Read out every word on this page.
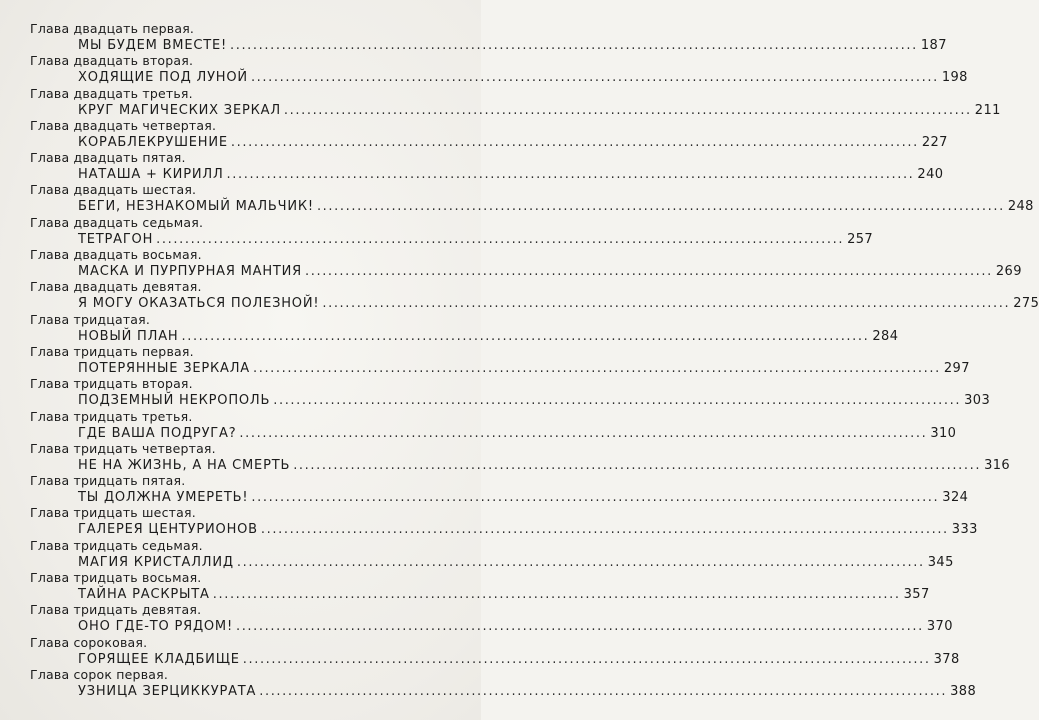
Глава двадцать первая.
МЫ БУДЕМ ВМЕСТЕ! ........................................................................................................................ 187
Глава двадцать вторая.
ХОДЯЩИЕ ПОД ЛУНОЙ ........................................................................................................................ 198
Глава двадцать третья.
КРУГ МАГИЧЕСКИХ ЗЕРКАЛ ........................................................................................................................ 211
Глава двадцать четвертая.
КОРАБЛЕКРУШЕНИЕ ........................................................................................................................ 227
Глава двадцать пятая.
НАТАША + КИРИЛЛ ........................................................................................................................ 240
Глава двадцать шестая.
БЕГИ, НЕЗНАКОМЫЙ МАЛЬЧИК! ........................................................................................................................ 248
Глава двадцать седьмая.
ТЕТРАГОН ........................................................................................................................ 257
Глава двадцать восьмая.
МАСКА И ПУРПУРНАЯ МАНТИЯ ........................................................................................................................ 269
Глава двадцать девятая.
Я МОГУ ОКАЗАТЬСЯ ПОЛЕЗНОЙ! ........................................................................................................................ 275
Глава тридцатая.
НОВЫЙ ПЛАН ........................................................................................................................ 284
Глава тридцать первая.
ПОТЕРЯННЫЕ ЗЕРКАЛА ........................................................................................................................ 297
Глава тридцать вторая.
ПОДЗЕМНЫЙ НЕКРОПОЛЬ ........................................................................................................................ 303
Глава тридцать третья.
ГДЕ ВАША ПОДРУГА? ........................................................................................................................ 310
Глава тридцать четвертая.
НЕ НА ЖИЗНЬ, А НА СМЕРТЬ ........................................................................................................................ 316
Глава тридцать пятая.
ТЫ ДОЛЖНА УМЕРЕТЬ! ........................................................................................................................ 324
Глава тридцать шестая.
ГАЛЕРЕЯ ЦЕНТУРИОНОВ ........................................................................................................................ 333
Глава тридцать седьмая.
МАГИЯ КРИСТАЛЛИД ........................................................................................................................ 345
Глава тридцать восьмая.
ТАЙНА РАСКРЫТА ........................................................................................................................ 357
Глава тридцать девятая.
ОНО ГДЕ-ТО РЯДОМ! ........................................................................................................................ 370
Глава сороковая.
ГОРЯЩЕЕ КЛАДБИЩЕ ........................................................................................................................ 378
Глава сорок первая.
УЗНИЦА ЗЕРЦИККУРАТА ........................................................................................................................ 388
